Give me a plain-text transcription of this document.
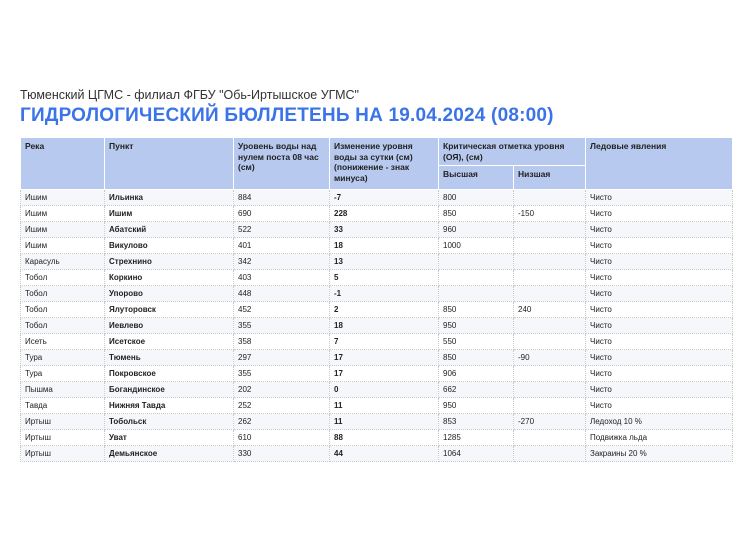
Тюменский ЦГМС - филиал ФГБУ "Обь-Иртышское УГМС"
ГИДРОЛОГИЧЕСКИЙ БЮЛЛЕТЕНЬ НА 19.04.2024 (08:00)
Река	Пункт	Уровень воды над нулем поста 08 час (см)	Изменение уровня воды за сутки (см) (понижение - знак минуса)	Критическая отметка уровня (ОЯ), (см)		Ледовые явления
				Высшая	Низшая	
Ишим	Ильинка	884	-7	800		Чисто
Ишим	Ишим	690	228	850	-150	Чисто
Ишим	Абатский	522	33	960		Чисто
Ишим	Викулово	401	18	1000		Чисто
Карасуль	Стрехнино	342	13			Чисто
Тобол	Коркино	403	5			Чисто
Тобол	Упорово	448	-1			Чисто
Тобол	Ялуторовск	452	2	850	240	Чисто
Тобол	Иевлево	355	18	950		Чисто
Исеть	Исетское	358	7	550		Чисто
Тура	Тюмень	297	17	850	-90	Чисто
Тура	Покровское	355	17	906		Чисто
Пышма	Богандинское	202	0	662		Чисто
Тавда	Нижняя Тавда	252	11	950		Чисто
Иртыш	Тобольск	262	11	853	-270	Ледоход 10 %
Иртыш	Уват	610	88	1285		Подвижка льда
Иртыш	Демьянское	330	44	1064		Закраины 20 %
